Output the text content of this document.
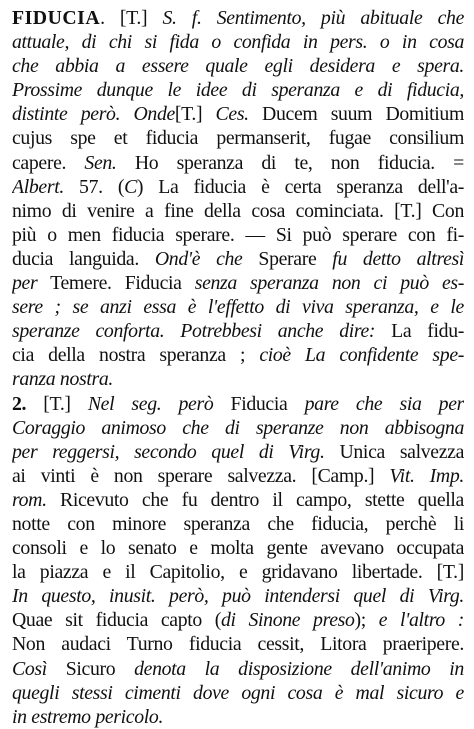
FIDUCIA. [T.] S. f. Sentimento, più abituale che
attuale, di chi si fida o confida in pers. o in cosa
che abbia a essere quale egli desidera e spera.
Prossime dunque le idee di speranza e di fiducia,
distinte però. Onde[T.] Ces. Ducem suum Domitium
cujus spe et fiducia permanserit, fugae consilium
capere. Sen. Ho speranza di te, non fiducia. =
Albert. 57. (C) La fiducia è certa speranza dell'a-
nimo di venire a fine della cosa cominciata. [T.] Con
più o men fiducia sperare. — Si può sperare con fi-
ducia languida. Ond'è che Sperare fu detto altresì
per Temere. Fiducia senza speranza non ci può es-
sere ; se anzi essa è l'effetto di viva speranza, e le
speranze conforta. Potrebbesi anche dire: La fidu-
cia della nostra speranza ; cioè La confidente spe-
ranza nostra.
2. [T.] Nel seg. però Fiducia pare che sia per
Coraggio animoso che di speranze non abbisogna
per reggersi, secondo quel di Virg. Unica salvezza
ai vinti è non sperare salvezza. [Camp.] Vit. Imp.
rom. Ricevuto che fu dentro il campo, stette quella
notte con minore speranza che fiducia, perchè li
consoli e lo senato e molta gente avevano occupata
la piazza e il Capitolio, e gridavano libertade. [T.]
In questo, inusit. però, può intendersi quel di Virg.
Quae sit fiducia capto (di Sinone preso); e l'altro :
Non audaci Turno fiducia cessit, Litora praeripere.
Così Sicuro denota la disposizione dell'animo in
quegli stessi cimenti dove ogni cosa è mal sicuro e
in estremo pericolo.
